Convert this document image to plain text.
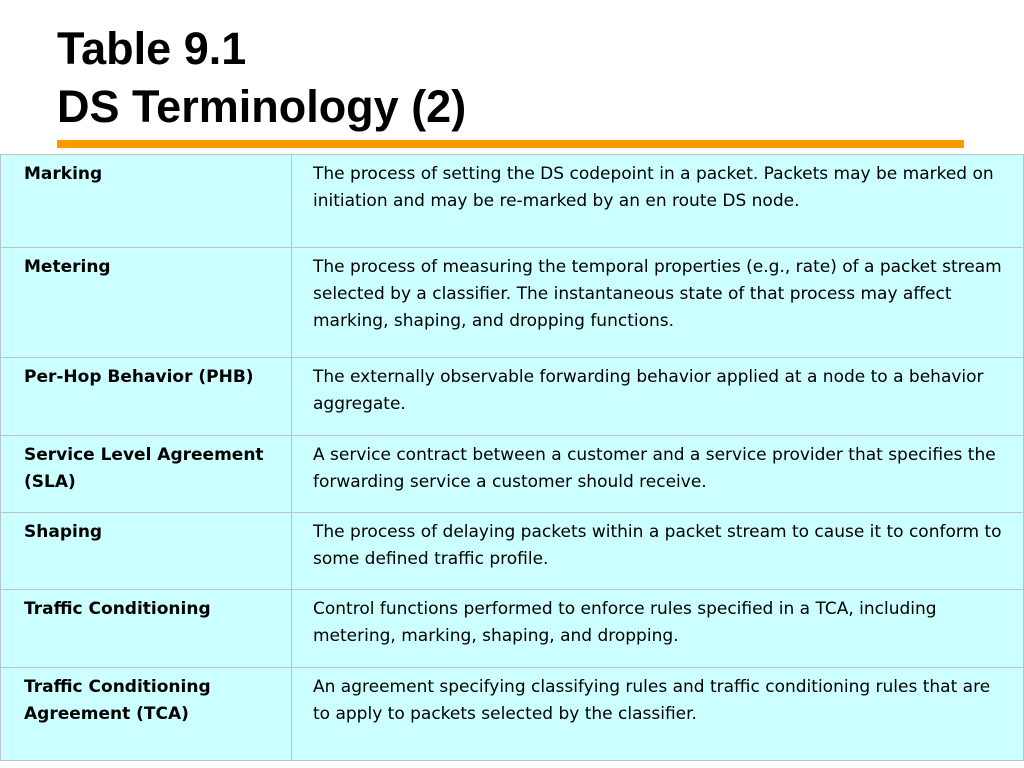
Table 9.1
DS Terminology (2)
Marking	The process of setting the DS codepoint in a packet. Packets may be marked on initiation and may be re-marked by an en route DS node.
Metering	The process of measuring the temporal properties (e.g., rate) of a packet stream selected by a classifier. The instantaneous state of that process may affect marking, shaping, and dropping functions.
Per-Hop Behavior (PHB)	The externally observable forwarding behavior applied at a node to a behavior aggregate.
Service Level Agreement (SLA)	A service contract between a customer and a service provider that specifies the forwarding service a customer should receive.
Shaping	The process of delaying packets within a packet stream to cause it to conform to some defined traffic profile.
Traffic Conditioning	Control functions performed to enforce rules specified in a TCA, including metering, marking, shaping, and dropping.
Traffic Conditioning Agreement (TCA)	An agreement specifying classifying rules and traffic conditioning rules that are to apply to packets selected by the classifier.
